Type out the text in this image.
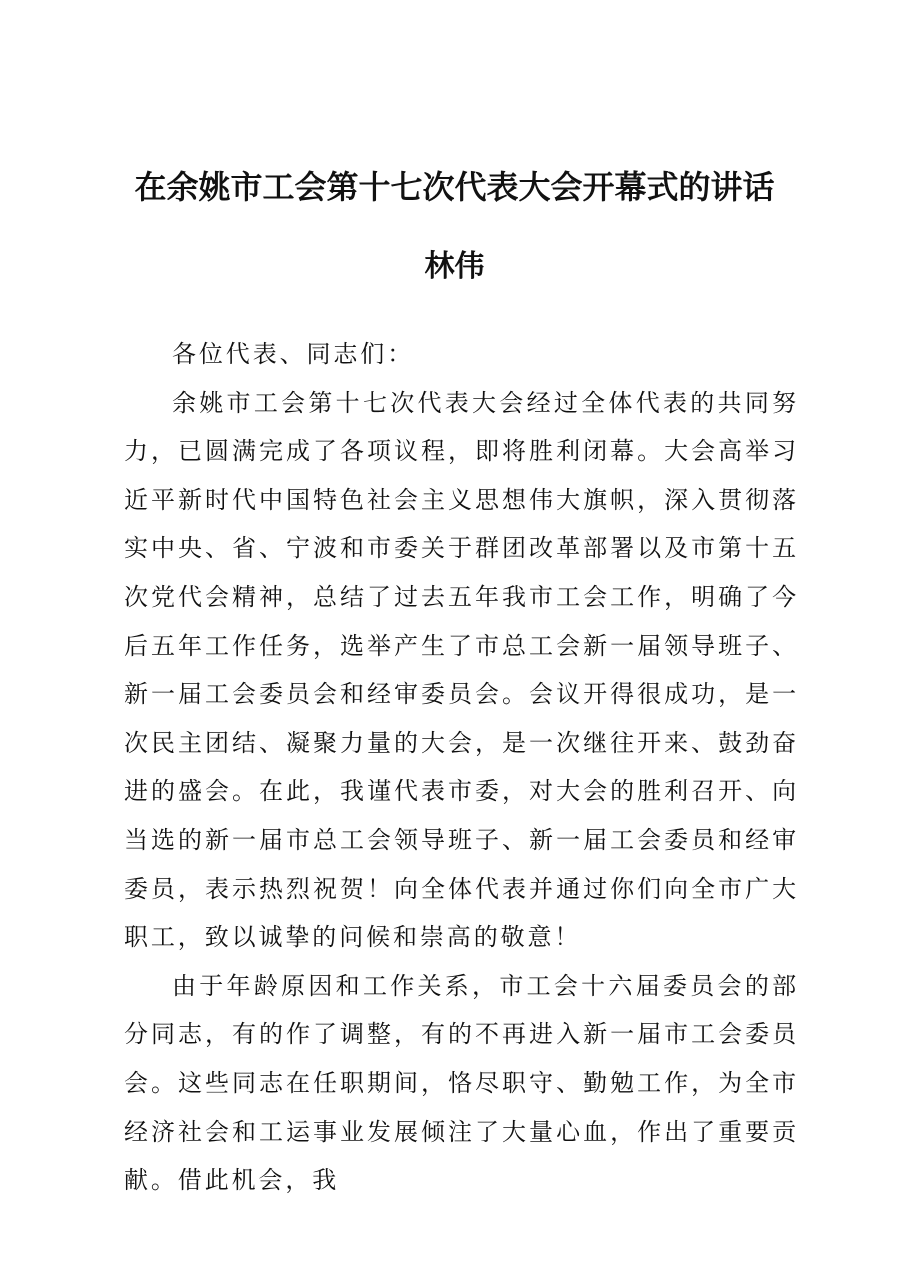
在余姚市工会第十七次代表大会开幕式的讲话
林伟

各位代表、同志们：

余姚市工会第十七次代表大会经过全体代表的共同努力，已圆满完成了各项议程，即将胜利闭幕。大会高举习近平新时代中国特色社会主义思想伟大旗帜，深入贯彻落实中央、省、宁波和市委关于群团改革部署以及市第十五次党代会精神，总结了过去五年我市工会工作，明确了今后五年工作任务，选举产生了市总工会新一届领导班子、新一届工会委员会和经审委员会。会议开得很成功，是一次民主团结、凝聚力量的大会，是一次继往开来、鼓劲奋进的盛会。在此，我谨代表市委，对大会的胜利召开、向当选的新一届市总工会领导班子、新一届工会委员和经审委员，表示热烈祝贺！向全体代表并通过你们向全市广大职工，致以诚挚的问候和崇高的敬意！

由于年龄原因和工作关系，市工会十六届委员会的部分同志，有的作了调整，有的不再进入新一届市工会委员会。这些同志在任职期间，恪尽职守、勤勉工作，为全市经济社会和工运事业发展倾注了大量心血，作出了重要贡献。借此机会，我
